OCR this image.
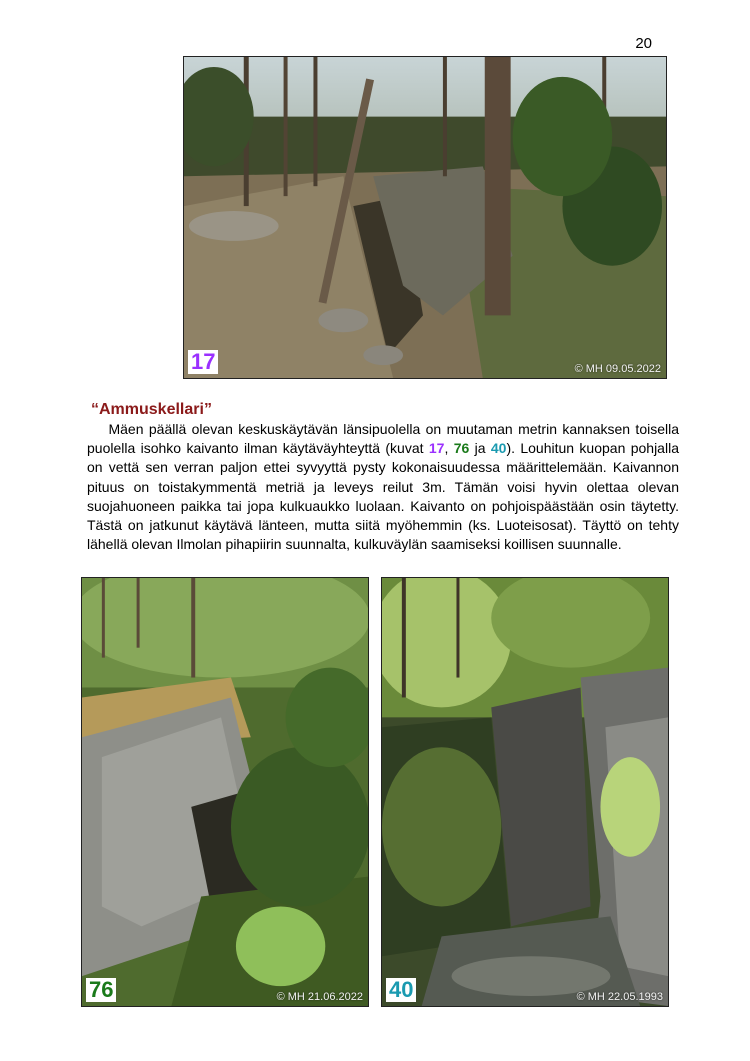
20
17	© MH 09.05.2022
“Ammuskellari”
Mäen päällä olevan keskuskäytävän länsipuolella on muutaman metrin kannaksen toisella puolella isohko kaivanto ilman käytäväyhteyttä (kuvat 17, 76 ja 40). Louhitun kuopan pohjalla on vettä sen verran paljon ettei syvyyttä pysty kokonaisuudessa määrittelemään. Kaivannon pituus on toistakymmentä metriä ja leveys reilut 3m. Tämän voisi hyvin olettaa olevan suojahuoneen paikka tai jopa kulkuaukko luolaan. Kaivanto on pohjoispäästään osin täytetty. Tästä on jatkunut käytävä länteen, mutta siitä myöhemmin (ks. Luoteisosat). Täyttö on tehty lähellä olevan Ilmolan pihapiirin suunnalta, kulkuväylän saamiseksi koillisen suunnalle.
76	© MH 21.06.2022 40	© MH 22.05.1993
